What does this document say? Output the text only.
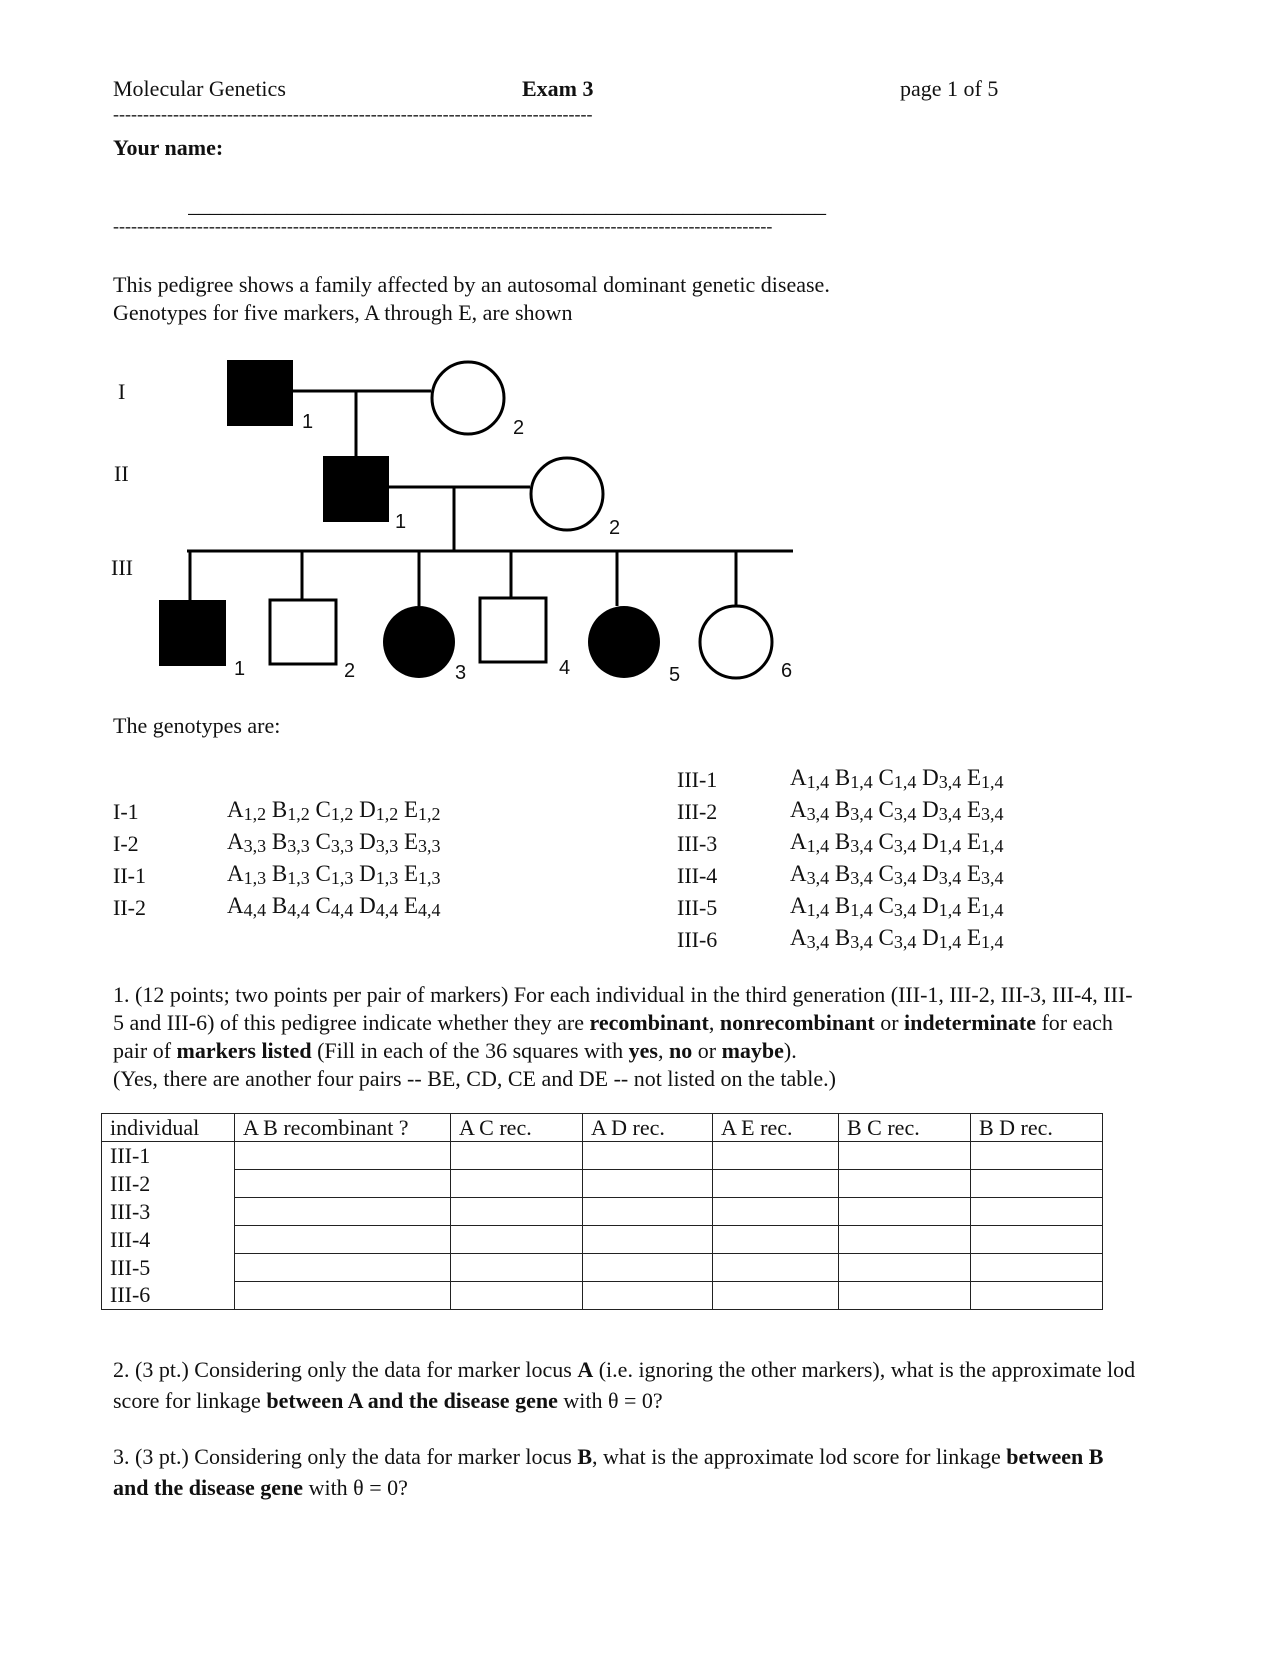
Molecular Genetics	Exam 3	page 1 of 5
--------------------------------------------------------------------------------
Your name:
__________________________________________________________
--------------------------------------------------------------------------------------------------------------

This pedigree shows a family affected by an autosomal dominant genetic disease.

Genotypes for five markers, A through E, are shown

1	2
1	2
1	2	3	4	5	6
I
II
III
The genotypes are:
I-1	A1,2 B1,2 C1,2 D1,2 E1,2
I-2	A3,3 B3,3 C3,3 D3,3 E3,3
II-1	A1,3 B1,3 C1,3 D1,3 E1,3
II-2	A4,4 B4,4 C4,4 D4,4 E4,4
III-1	A1,4 B1,4 C1,4 D3,4 E1,4
III-2	A3,4 B3,4 C3,4 D3,4 E3,4
III-3	A1,4 B3,4 C3,4 D1,4 E1,4
III-4	A3,4 B3,4 C3,4 D3,4 E3,4
III-5	A1,4 B1,4 C3,4 D1,4 E1,4
III-6	A3,4 B3,4 C3,4 D1,4 E1,4

1. (12 points; two points per pair of markers) For each individual in the third generation (III-1, III-2, III-3, III-4, III-5 and III-6) of this pedigree indicate whether they are recombinant, nonrecombinant or indeterminate for each pair of markers listed (Fill in each of the 36 squares with yes, no or maybe).

(Yes, there are another four pairs -- BE, CD, CE and DE -- not listed on the table.)

individual	A B recombinant ?	A C rec.	A D rec.	A E rec.	B C rec.	B D rec.
III-1						
III-2						
III-3						
III-4						
III-5						
III-6						

2. (3 pt.) Considering only the data for marker locus A (i.e. ignoring the other markers), what is the approximate lod score for linkage between A and the disease gene with θ = 0?

3. (3 pt.) Considering only the data for marker locus B, what is the approximate lod score for linkage between B and the disease gene with θ = 0?
